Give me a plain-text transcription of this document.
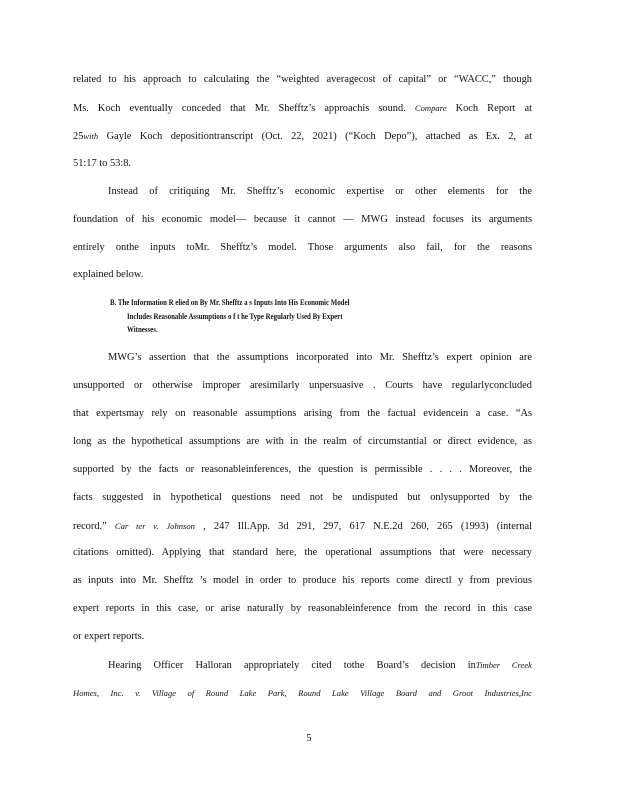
related to his approach to calculating the “weighted averagecost of capital” or “WACC,” though
Ms. Koch eventually conceded that Mr. Shefftz’s approachis sound. Compare Koch Report at
25with Gayle Koch depositiontranscript (Oct. 22, 2021) (“Koch Depo”), attached as Ex. 2, at
51:17 to 53:8.
Instead of critiquing Mr. Shefftz’s economic expertise or other elements for the
foundation of his economic model— because it cannot — MWG instead focuses its arguments
entirely onthe inputs toMr. Shefftz’s model. Those arguments also fail, for the reasons
explained below.
B. The Information R elied on By Mr. Shefftz a s Inputs Into His Economic Model
Includes Reasonable Assumptions o f t he Type Regularly Used By Expert
Witnesses.
MWG’s assertion that the assumptions incorporated into Mr. Shefftz’s expert opinion are
unsupported or otherwise improper aresimilarly unpersuasive . Courts have regularlyconcluded
that expertsmay rely on reasonable assumptions arising from the factual evidencein a case. “As
long as the hypothetical assumptions are with in the realm of circumstantial or direct evidence, as
supported by the facts or reasonableinferences, the question is permissible . . . . Moreover, the
facts suggested in hypothetical questions need not be undisputed but onlysupported by the
record.” Car ter v. Johnson , 247 Ill.App. 3d 291, 297, 617 N.E.2d 260, 265 (1993) (internal
citations omitted). Applying that standard here, the operational assumptions that were necessary
as inputs into Mr. Shefftz ’s model in order to produce his reports come directl y from previous
expert reports in this case, or arise naturally by reasonableinference from the record in this case
or expert reports.
Hearing Officer Halloran appropriately cited tothe Board’s decision inTimber Creek
Homes, Inc. v. Village of Round Lake Park, Round Lake Village Board and Groot Industries,Inc
5
